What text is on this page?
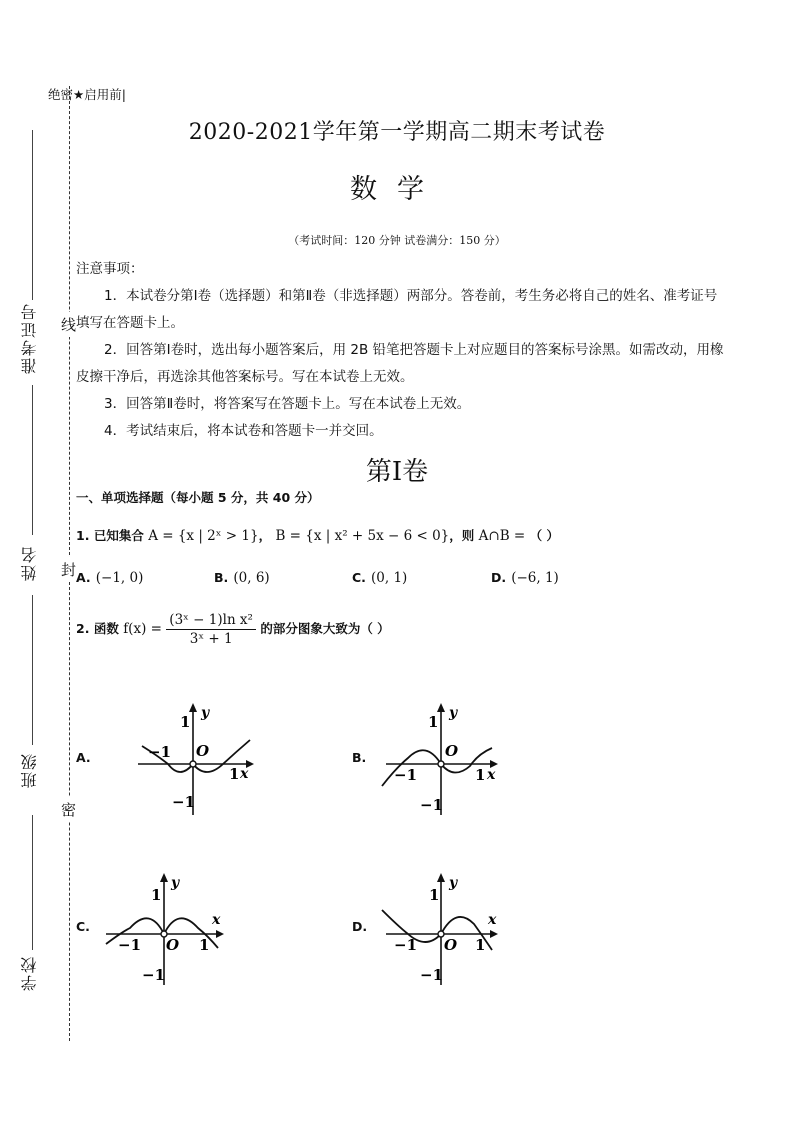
准考证号
姓名
班级
学校
线
封
密
绝密★启用前|
2020-2021学年第一学期高二期末考试卷
数学
（考试时间：120 分钟 试卷满分：150 分）

注意事项：

1．本试卷分第Ⅰ卷（选择题）和第Ⅱ卷（非选择题）两部分。答卷前，考生务必将自己的姓名、准考证号填写在答题卡上。

2．回答第Ⅰ卷时，选出每小题答案后，用 2B 铅笔把答题卡上对应题目的答案标号涂黑。如需改动，用橡皮擦干净后，再选涂其他答案标号。写在本试卷上无效。

3．回答第Ⅱ卷时，将答案写在答题卡上。写在本试卷上无效。

4．考试结束后，将本试卷和答题卡一并交回。

第Ⅰ卷
一、单项选择题（每小题 5 分，共 40 分）
1. 已知集合 A = {x | 2ˣ > 1}， B = {x | x² + 5x − 6 < 0}，则 A∩B = （ ）
A. (−1, 0)	B. (0, 6)	C. (0, 1)	D. (−6, 1)
2. 函数 $f(x) = \frac{\text{(3ˣ − 1)ln x²}}{\text{3ˣ + 1}}$ 的部分图象大致为（ ）
A.
x
y
O
1
−1
−1
1
B.
x
y
O
1
−1
−1	1
C.	x
y
O
1
−1
−1	1
D.	x
y
O
1
−1
−1	1
